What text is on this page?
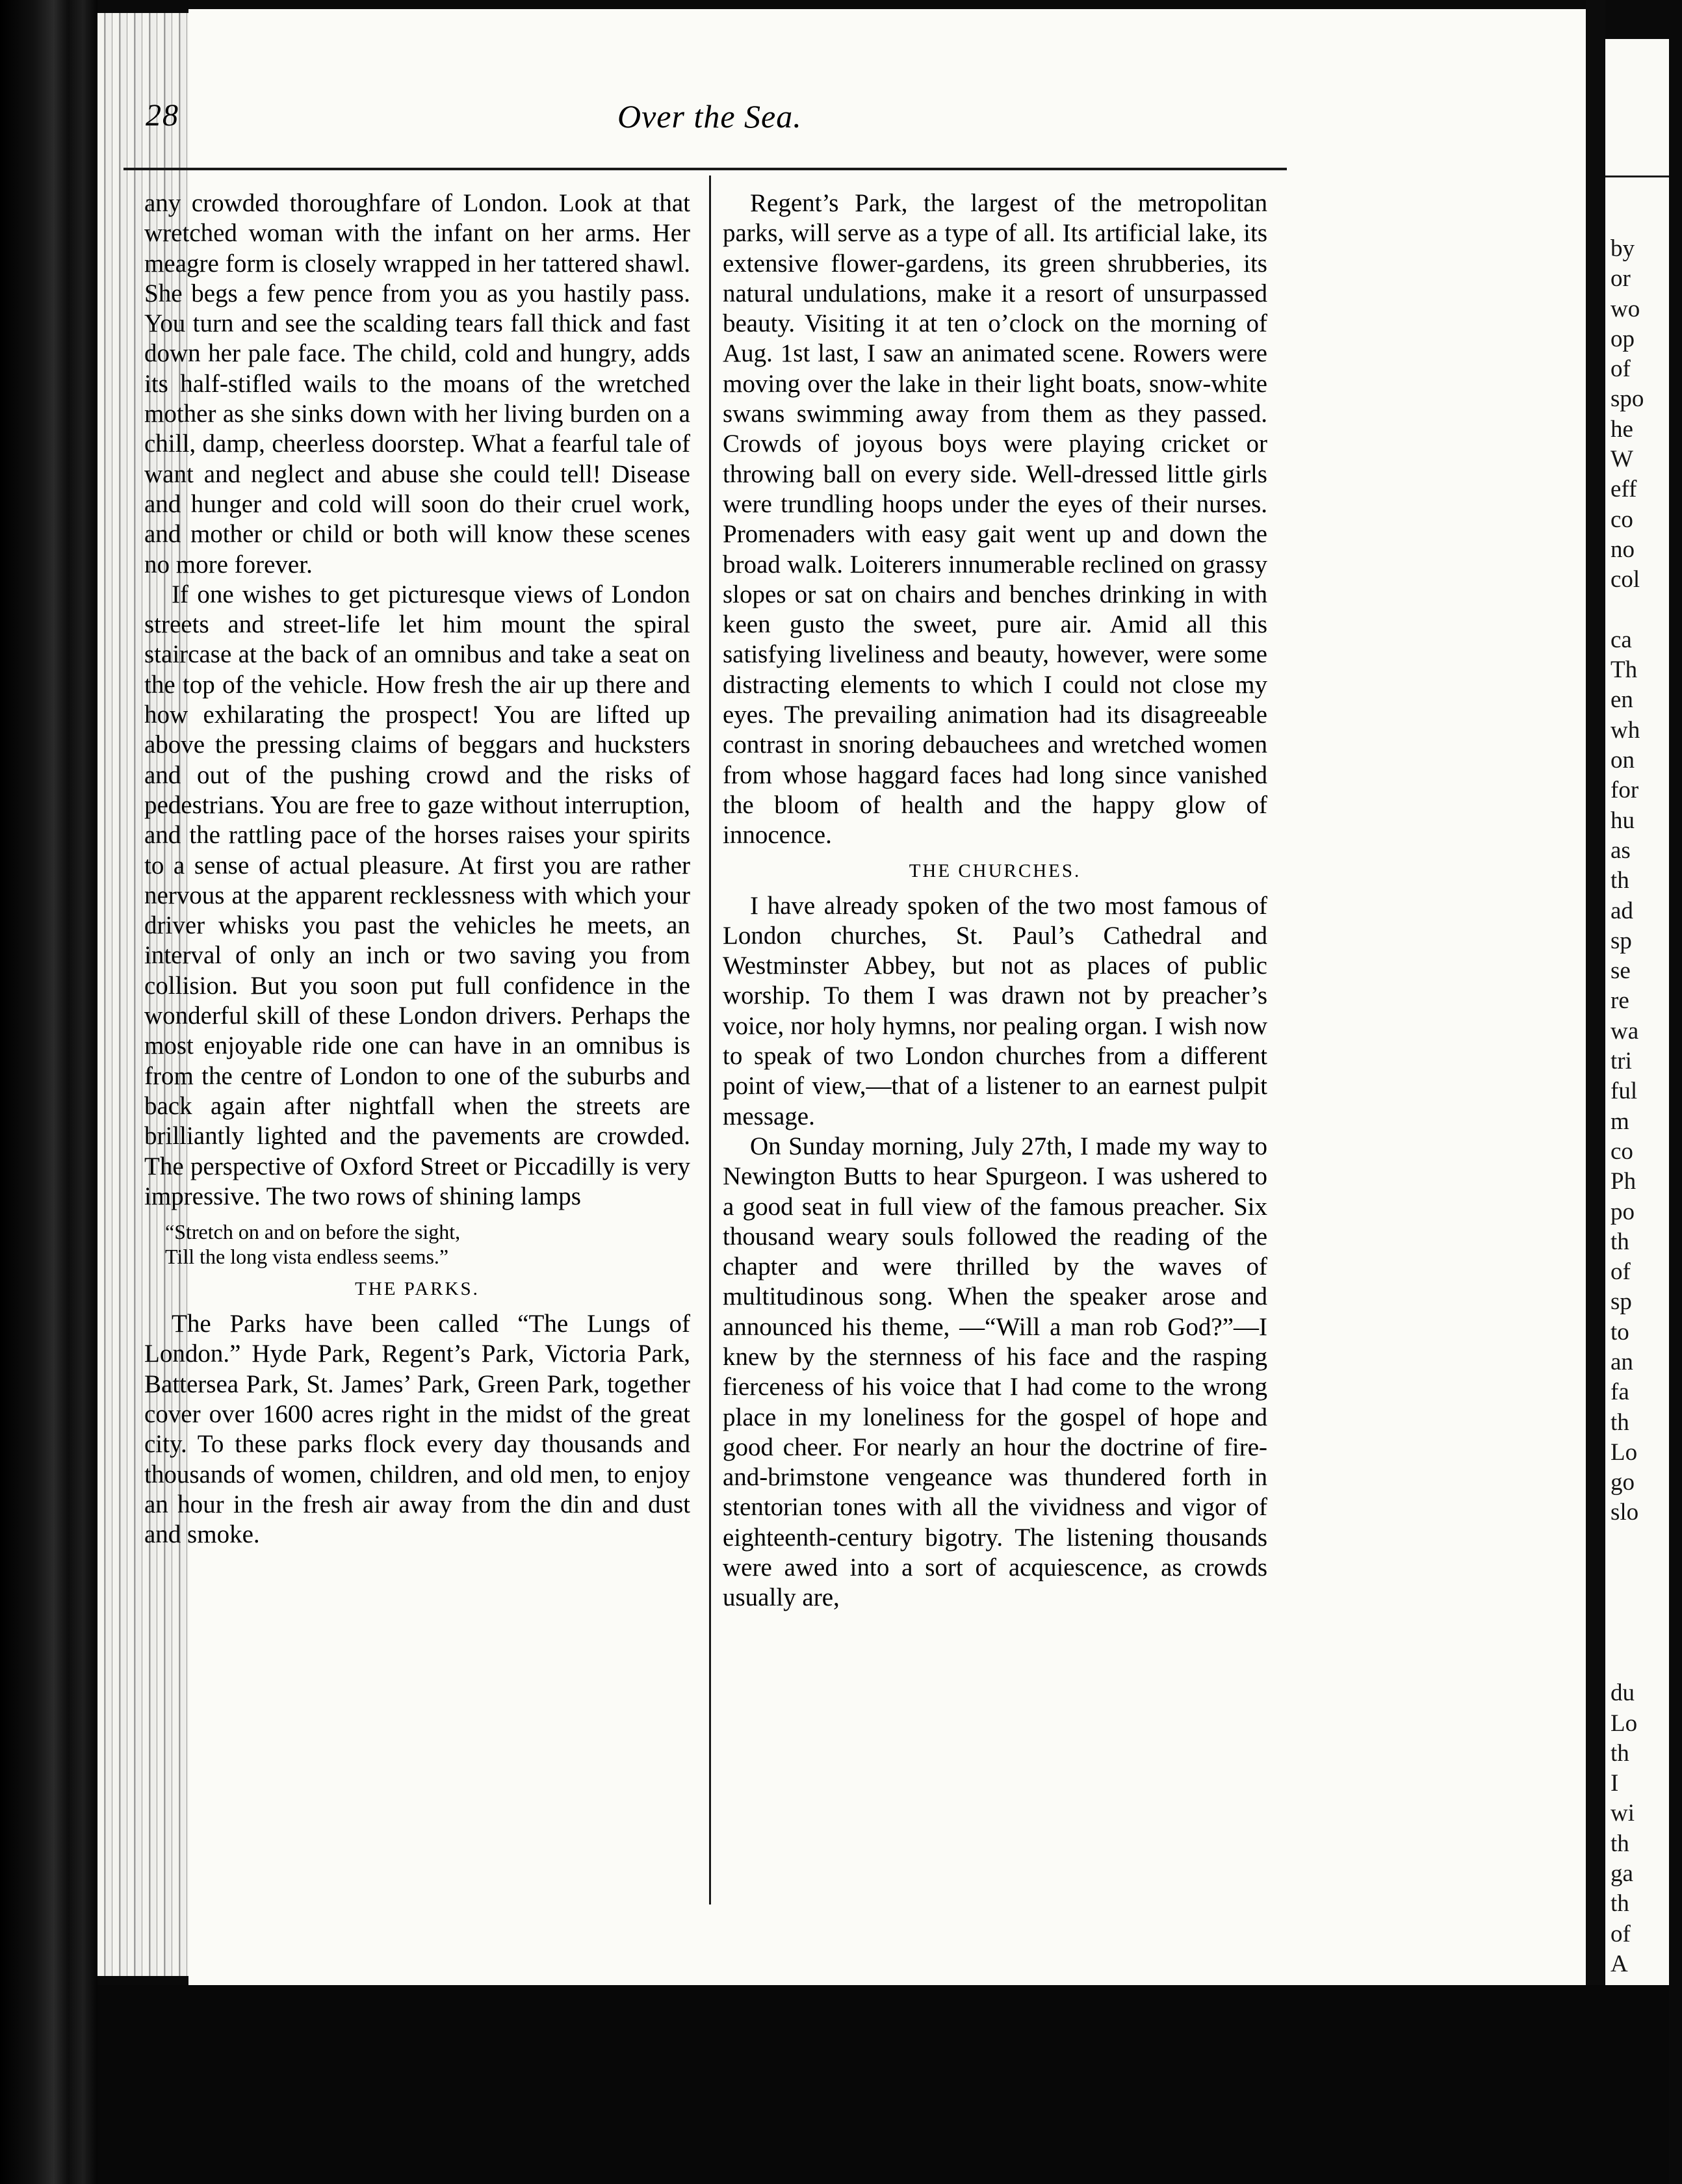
by
or
wo
op
of
spo
he
W
eff
co
no
col
ca
Th
en
wh
on
for
hu
as
th
ad
sp
se
re
wa
tri
ful
m
co
Ph
po
th
of
sp
to
an
fa
th
Lo
go
slo
du
Lo
th
I
wi
th
ga
th
of
A
28	Over the Sea.

any crowded thoroughfare of London. Look at that wretched woman with the infant on her arms. Her meagre form is closely wrapped in her tattered shawl. She begs a few pence from you as you hastily pass. You turn and see the scalding tears fall thick and fast down her pale face. The child, cold and hungry, adds its half-stifled wails to the moans of the wretched mother as she sinks down with her living burden on a chill, damp, cheerless doorstep. What a fearful tale of want and neglect and abuse she could tell! Disease and hunger and cold will soon do their cruel work, and mother or child or both will know these scenes no more forever.

If one wishes to get picturesque views of London streets and street-life let him mount the spiral staircase at the back of an omnibus and take a seat on the top of the vehicle. How fresh the air up there and how exhilarating the prospect! You are lifted up above the pressing claims of beggars and hucksters and out of the pushing crowd and the risks of pedestrians. You are free to gaze without interruption, and the rattling pace of the horses raises your spirits to a sense of actual pleasure. At first you are rather nervous at the apparent recklessness with which your driver whisks you past the vehicles he meets, an interval of only an inch or two saving you from collision. But you soon put full confidence in the wonderful skill of these London drivers. Perhaps the most enjoyable ride one can have in an omnibus is from the centre of London to one of the suburbs and back again after nightfall when the streets are brilliantly lighted and the pavements are crowded. The perspective of Oxford Street or Piccadilly is very impressive. The two rows of shining lamps

“Stretch on and on before the sight,
Till the long vista endless seems.”
THE PARKS.

The Parks have been called “The Lungs of London.” Hyde Park, Regent’s Park, Victoria Park, Battersea Park, St. James’ Park, Green Park, together cover over 1600 acres right in the midst of the great city. To these parks flock every day thousands and thousands of women, children, and old men, to enjoy an hour in the fresh air away from the din and dust and smoke.

Regent’s Park, the largest of the metropolitan parks, will serve as a type of all. Its artificial lake, its extensive flower-gardens, its green shrubberies, its natural undulations, make it a resort of unsurpassed beauty. Visiting it at ten o’clock on the morning of Aug. 1st last, I saw an animated scene. Rowers were moving over the lake in their light boats, snow-white swans swimming away from them as they passed. Crowds of joyous boys were playing cricket or throwing ball on every side. Well-dressed little girls were trundling hoops under the eyes of their nurses. Promenaders with easy gait went up and down the broad walk. Loiterers innumerable reclined on grassy slopes or sat on chairs and benches drinking in with keen gusto the sweet, pure air. Amid all this satisfying liveliness and beauty, however, were some distracting elements to which I could not close my eyes. The prevailing animation had its disagreeable contrast in snoring debauchees and wretched women from whose haggard faces had long since vanished the bloom of health and the happy glow of innocence.

THE CHURCHES.

I have already spoken of the two most famous of London churches, St. Paul’s Cathedral and Westminster Abbey, but not as places of public worship. To them I was drawn not by preacher’s voice, nor holy hymns, nor pealing organ. I wish now to speak of two London churches from a different point of view,—that of a listener to an earnest pulpit message.

On Sunday morning, July 27th, I made my way to Newington Butts to hear Spurgeon. I was ushered to a good seat in full view of the famous preacher. Six thousand weary souls followed the reading of the chapter and were thrilled by the waves of multitudinous song. When the speaker arose and announced his theme, —“Will a man rob God?”—I knew by the sternness of his face and the rasping fierceness of his voice that I had come to the wrong place in my loneliness for the gospel of hope and good cheer. For nearly an hour the doctrine of fire-and-brimstone vengeance was thundered forth in stentorian tones with all the vividness and vigor of eighteenth-century bigotry. The listening thousands were awed into a sort of acquiescence, as crowds usually are,
